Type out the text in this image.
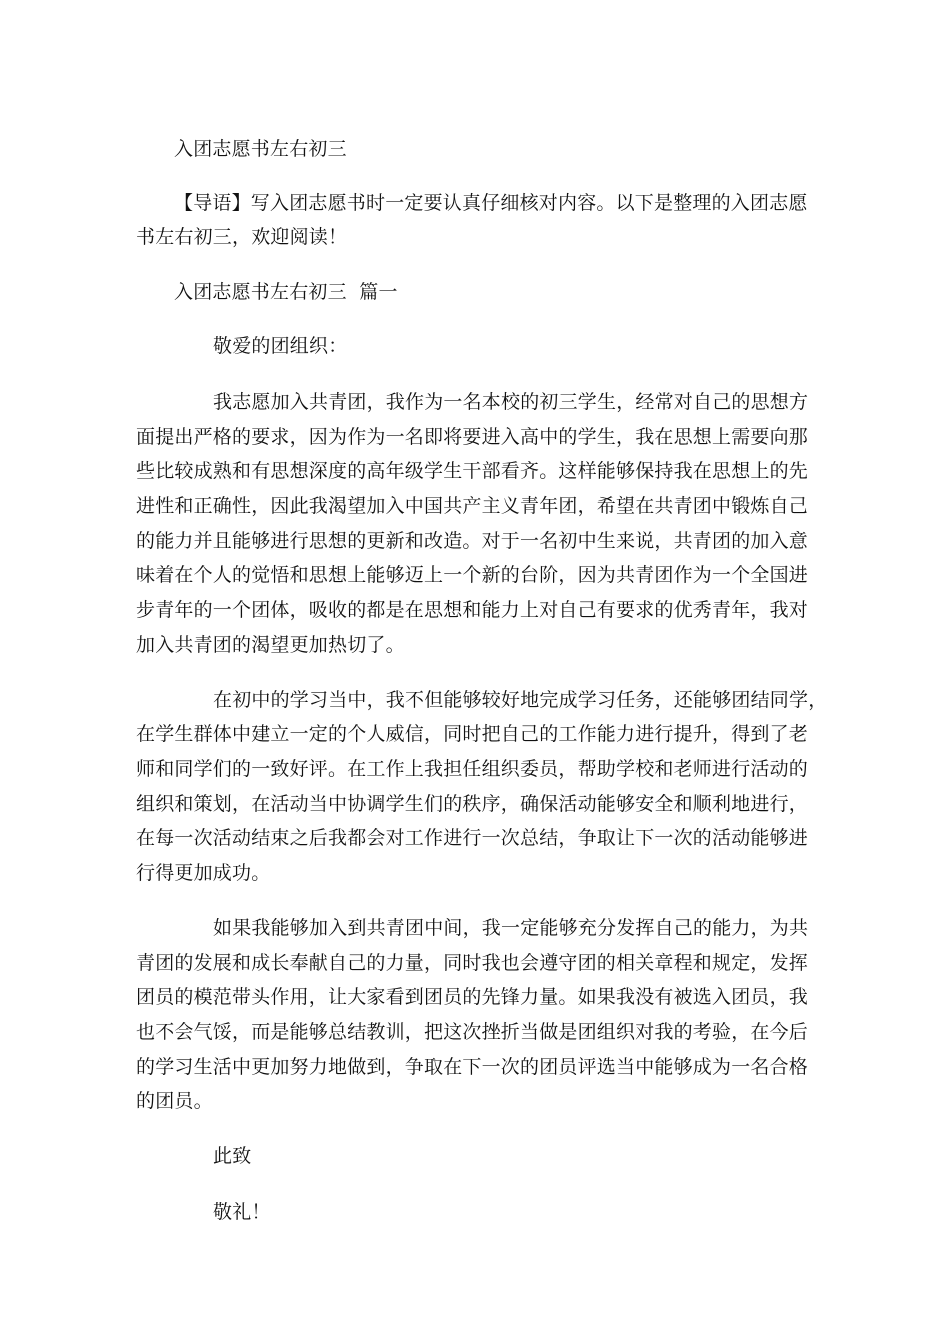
入团志愿书左右初三
【导语】写入团志愿书时一定要认真仔细核对内容。以下是整理的入团志愿
书左右初三，欢迎阅读！
入团志愿书左右初三  篇一
敬爱的团组织：
我志愿加入共青团，我作为一名本校的初三学生，经常对自己的思想方
面提出严格的要求，因为作为一名即将要进入高中的学生，我在思想上需要向那
些比较成熟和有思想深度的高年级学生干部看齐。这样能够保持我在思想上的先
进性和正确性，因此我渴望加入中国共产主义青年团，希望在共青团中锻炼自己
的能力并且能够进行思想的更新和改造。对于一名初中生来说，共青团的加入意
味着在个人的觉悟和思想上能够迈上一个新的台阶，因为共青团作为一个全国进
步青年的一个团体，吸收的都是在思想和能力上对自己有要求的优秀青年，我对
加入共青团的渴望更加热切了。
在初中的学习当中，我不但能够较好地完成学习任务，还能够团结同学，
在学生群体中建立一定的个人威信，同时把自己的工作能力进行提升，得到了老
师和同学们的一致好评。在工作上我担任组织委员，帮助学校和老师进行活动的
组织和策划，在活动当中协调学生们的秩序，确保活动能够安全和顺利地进行，
在每一次活动结束之后我都会对工作进行一次总结，争取让下一次的活动能够进
行得更加成功。
如果我能够加入到共青团中间，我一定能够充分发挥自己的能力，为共
青团的发展和成长奉献自己的力量，同时我也会遵守团的相关章程和规定，发挥
团员的模范带头作用，让大家看到团员的先锋力量。如果我没有被选入团员，我
也不会气馁，而是能够总结教训，把这次挫折当做是团组织对我的考验，在今后
的学习生活中更加努力地做到，争取在下一次的团员评选当中能够成为一名合格
的团员。
此致
敬礼！
